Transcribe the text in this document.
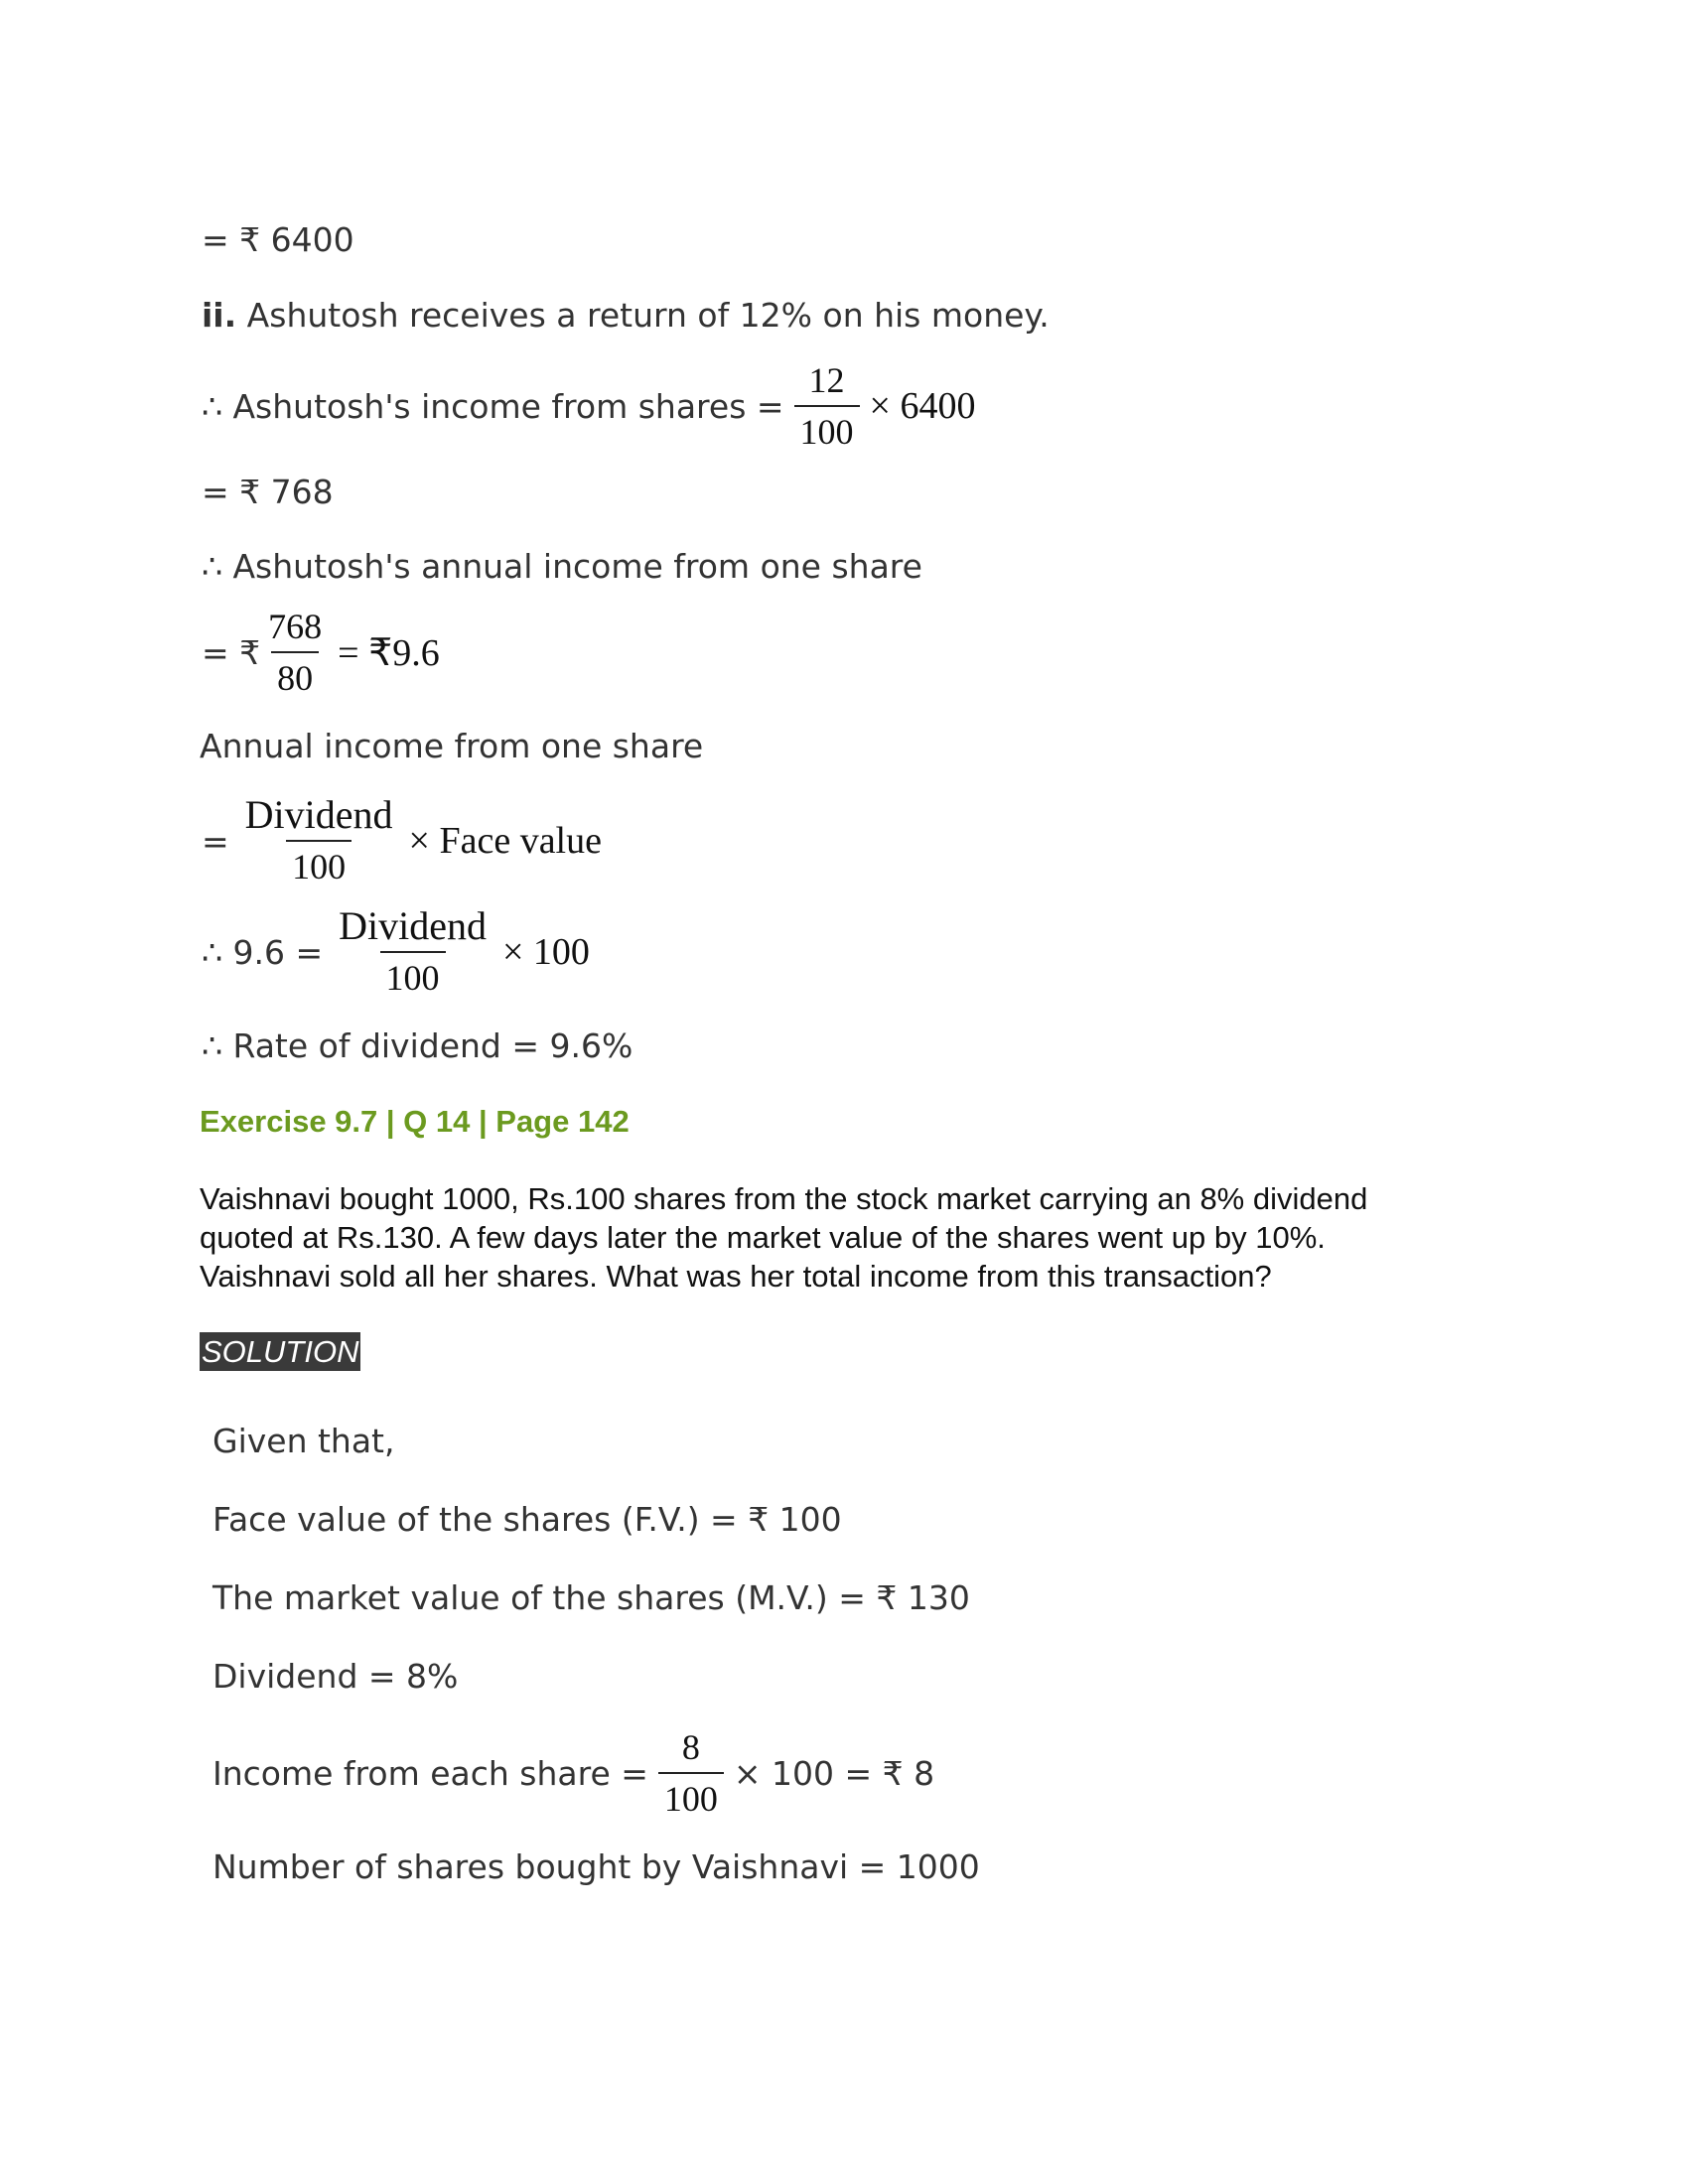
= ₹ 6400
ii. Ashutosh receives a return of 12% on his money.
∴ Ashutosh's income from shares = $\frac{12}{100} \times 6400$
= ₹ 768
∴ Ashutosh's annual income from one share
= ₹ $\frac{768}{80}$ = ₹9.6
Annual income from one share
= $\frac{\text{Dividend}}{100}$ × Face value
∴ $9.6 = \frac{\text{Dividend}}{100} \times 100$
∴ Rate of dividend = 9.6%
Exercise 9.7 | Q 14 | Page 142
Vaishnavi bought 1000, Rs.100 shares from the stock market carrying an 8% dividend
quoted at Rs.130. A few days later the market value of the shares went up by 10%.
Vaishnavi sold all her shares. What was her total income from this transaction?
SOLUTION
Given that,
Face value of the shares (F.V.) = ₹ 100
The market value of the shares (M.V.) = ₹ 130
Dividend = 8%
Income from each share = $\frac{8}{100} \times 100$ = ₹ 8
Number of shares bought by Vaishnavi = 1000
